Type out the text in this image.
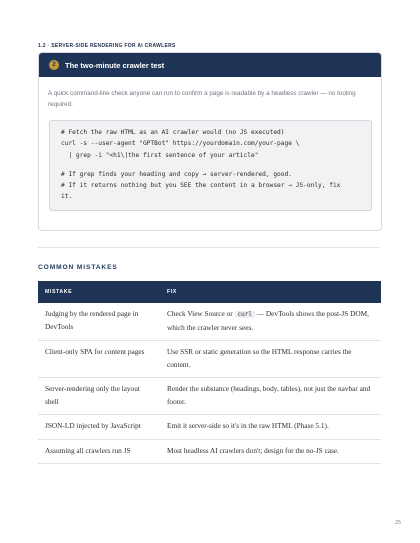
1.2 · SERVER-SIDE RENDERING FOR AI CRAWLERS
2	The two-minute crawler test
A quick command-line check anyone can run to confirm a page is readable by a headless crawler — no tooling required.
# Fetch the raw HTML as an AI crawler would (no JS executed)
curl -s --user-agent "GPTBot" https://yourdomain.com/your-page \
| grep -i "<h1\|the first sentence of your article"
# If grep finds your heading and copy → server-rendered, good.
# If it returns nothing but you SEE the content in a browser → JS-only, fix
it.
COMMON MISTAKES
MISTAKE	FIX
Judging by the rendered page in DevTools	Check View Source or curl — DevTools shows the post-JS DOM, which the crawler never sees.
Client-only SPA for content pages	Use SSR or static generation so the HTML response carries the content.
Server-rendering only the layout shell	Render the substance (headings, body, tables), not just the navbar and footer.
JSON-LD injected by JavaScript	Emit it server-side so it's in the raw HTML (Phase 5.1).
Assuming all crawlers run JS	Most headless AI crawlers don't; design for the no-JS case.
25
